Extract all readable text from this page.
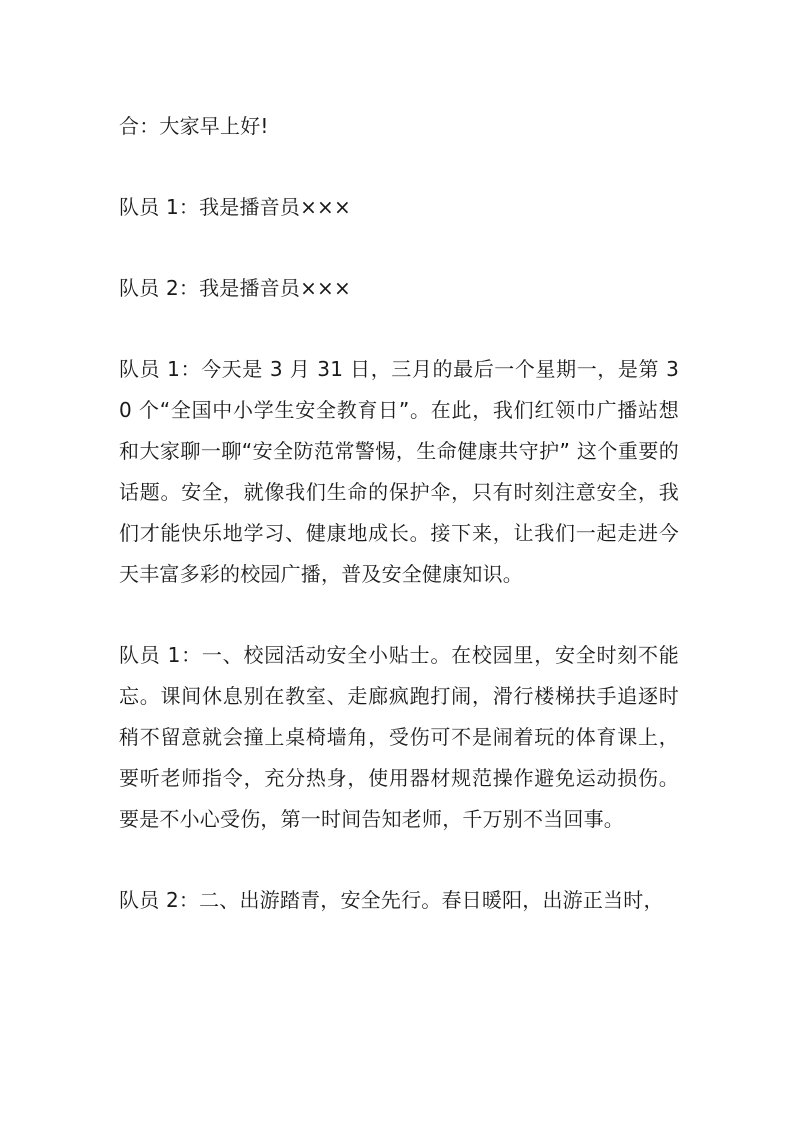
合：大家早上好!

队员 1：我是播音员×××

队员 2：我是播音员×××

队员 1：今天是 3 月 31 日，三月的最后一个星期一，是第 30 个“全国中小学生安全教育日”。在此，我们红领巾广播站想和大家聊一聊“安全防范常警惕，生命健康共守护” 这个重要的话题。安全，就像我们生命的保护伞，只有时刻注意安全，我们才能快乐地学习、健康地成长。接下来，让我们一起走进今天丰富多彩的校园广播，普及安全健康知识。

队员 1：一、校园活动安全小贴士。在校园里，安全时刻不能忘。课间休息别在教室、走廊疯跑打闹，滑行楼梯扶手追逐时稍不留意就会撞上桌椅墙角，受伤可不是闹着玩的体育课上，要听老师指令，充分热身，使用器材规范操作避免运动损伤。要是不小心受伤，第一时间告知老师，千万别不当回事。

队员 2：二、出游踏青，安全先行。春日暖阳，出游正当时，
